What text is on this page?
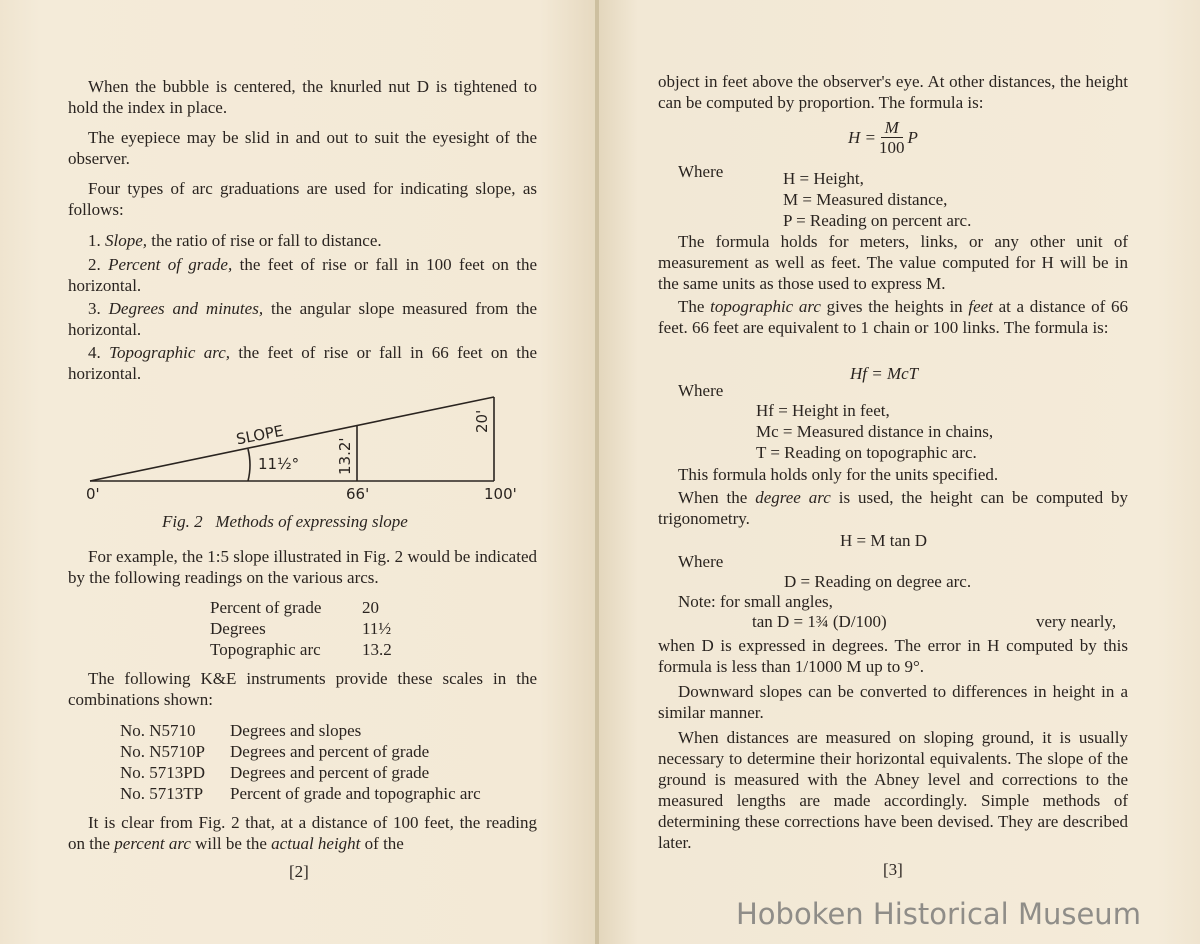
When the bubble is centered, the knurled nut D is tightened to hold the index in place.
The eyepiece may be slid in and out to suit the eyesight of the observer.
Four types of arc graduations are used for indicating slope, as follows:
1. Slope, the ratio of rise or fall to distance.
2. Percent of grade, the feet of rise or fall in 100 feet on the horizontal.
3. Degrees and minutes, the angular slope measured from the horizontal.
4. Topographic arc, the feet of rise or fall in 66 feet on the horizontal.
SLOPE
11½° 13.2'
20'
0'	66'	100'
Fig. 2 Methods of expressing slope
For example, the 1:5 slope illustrated in Fig. 2 would be indicated by the following readings on the various arcs.
Percent of grade	20
Degrees	11½
Topographic arc	13.2
The following K&E instruments provide these scales in the combinations shown:
No. N5710	Degrees and slopes
No. N5710P	Degrees and percent of grade
No. 5713PD	Degrees and percent of grade
No. 5713TP	Percent of grade and topographic arc
It is clear from Fig. 2 that, at a distance of 100 feet, the reading on the percent arc will be the actual height of the
[2]
object in feet above the observer's eye. At other distances, the height can be computed by proportion. The formula is:
$H = \frac{M}{100}$ P
Where	H = Height,
M = Measured distance,
P = Reading on percent arc.
The formula holds for meters, links, or any other unit of measurement as well as feet. The value computed for H will be in the same units as those used to express M.
The topographic arc gives the heights in feet at a distance of 66 feet. 66 feet are equivalent to 1 chain or 100 links. The formula is:
Hf = McT
Where
Hf = Height in feet,
Mc = Measured distance in chains,
T = Reading on topographic arc.
This formula holds only for the units specified.
When the degree arc is used, the height can be computed by trigonometry.
H = M tan D
Where
D = Reading on degree arc.
Note: for small angles,
tan D = 1¾ (D/100)	very nearly,
when D is expressed in degrees. The error in H computed by this formula is less than 1/1000 M up to 9°.
Downward slopes can be converted to differences in height in a similar manner.
When distances are measured on sloping ground, it is usually necessary to determine their horizontal equivalents. The slope of the ground is measured with the Abney level and corrections to the measured lengths are made accordingly. Simple methods of determining these corrections have been devised. They are described later.
[3]
Hoboken Historical Museum
